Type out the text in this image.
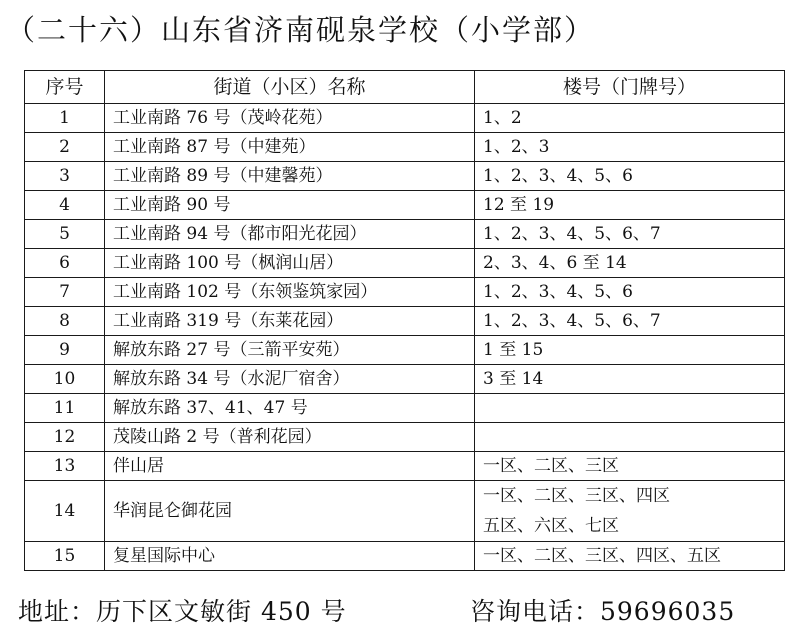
（二十六）山东省济南砚泉学校（小学部）
序号	街道（小区）名称	楼号（门牌号）
1	工业南路 76 号（茂岭花苑）	1、2
2	工业南路 87 号（中建苑）	1、2、3
3	工业南路 89 号（中建馨苑）	1、2、3、4、5、6
4	工业南路 90 号	12 至 19
5	工业南路 94 号（都市阳光花园）	1、2、3、4、5、6、7
6	工业南路 100 号（枫润山居）	2、3、4、6 至 14
7	工业南路 102 号（东领鉴筑家园）	1、2、3、4、5、6
8	工业南路 319 号（东莱花园）	1、2、3、4、5、6、7
9	解放东路 27 号（三箭平安苑）	1 至 15
10	解放东路 34 号（水泥厂宿舍）	3 至 14
11	解放东路 37、41、47 号	
12	茂陵山路 2 号（普利花园）	
13	伴山居	一区、二区、三区
14	华润昆仑御花园	一区、二区、三区、四区
五区、六区、七区

15	复星国际中心	一区、二区、三区、四区、五区
地址：历下区文敏街 450 号	咨询电话：59696035
